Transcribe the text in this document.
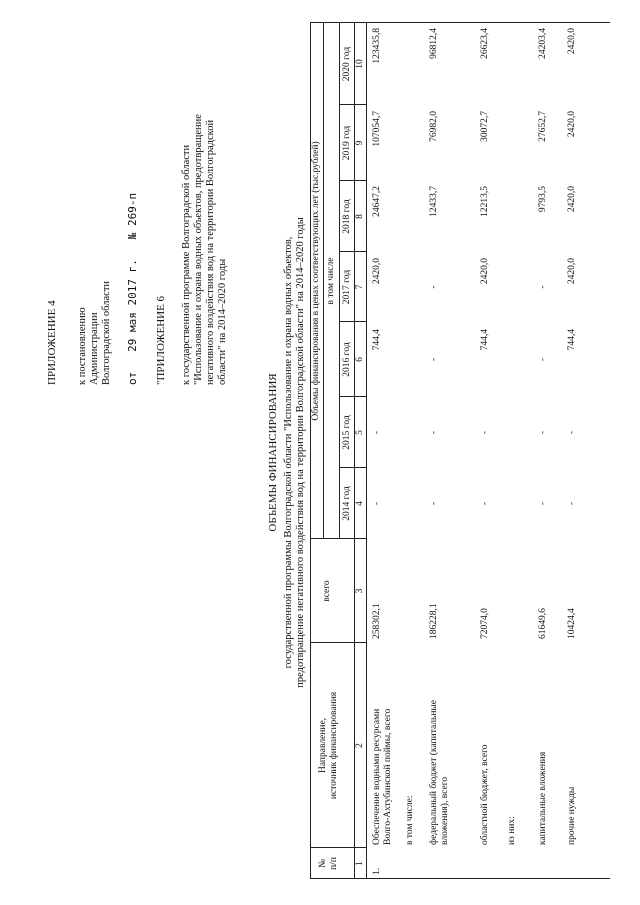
ПРИЛОЖЕНИЕ 4 к постановлению Администрации Волгоградской области от   29 мая 2017 г.   № 269-п
"ПРИЛОЖЕНИЕ 6 к государственной программе Волгоградской области "Использование и охрана водных объектов, предотвращение негативного воздействия вод на территории Волгоградской области" на 2014–2020 годы
ОБЪЕМЫ ФИНАНСИРОВАНИЯ государственной программы Волгоградской области "Использование и охрана водных объектов, предотвращение негативного воздействия вод на территории Волгоградской области" на 2014–2020 годы
№ п/п
Направление, источник финансирования
всего
Объемы финансирования в ценах соответствующих лет (тыс.рублей) в том числе
2014 год
2015 год
2016 год
2017 год
2018 год
2019 год
2020 год
1
2
3
4
5
6
7
8
9
10
1.
Обеспечение водными ресурсами Волго-Ахтубинской поймы, всего
258302,1
-
-
744,4
2420,0
24647,2
107054,7
123435,8
в том числе: федеральный бюджет (капитальные вложения), всего
186228,1
-
-
-
-
12433,7
76982,0
96812,4
областной бюджет, всего
72074,0
-
-
744,4
2420,0
12213,5
30072,7
26623,4
из них: капитальные вложения
61649,6
-
-
-
-
9793,5
27652,7
24203,4
прочие нужды
10424,4
-
-
744,4
2420,0
2420,0
2420,0
2420,0
